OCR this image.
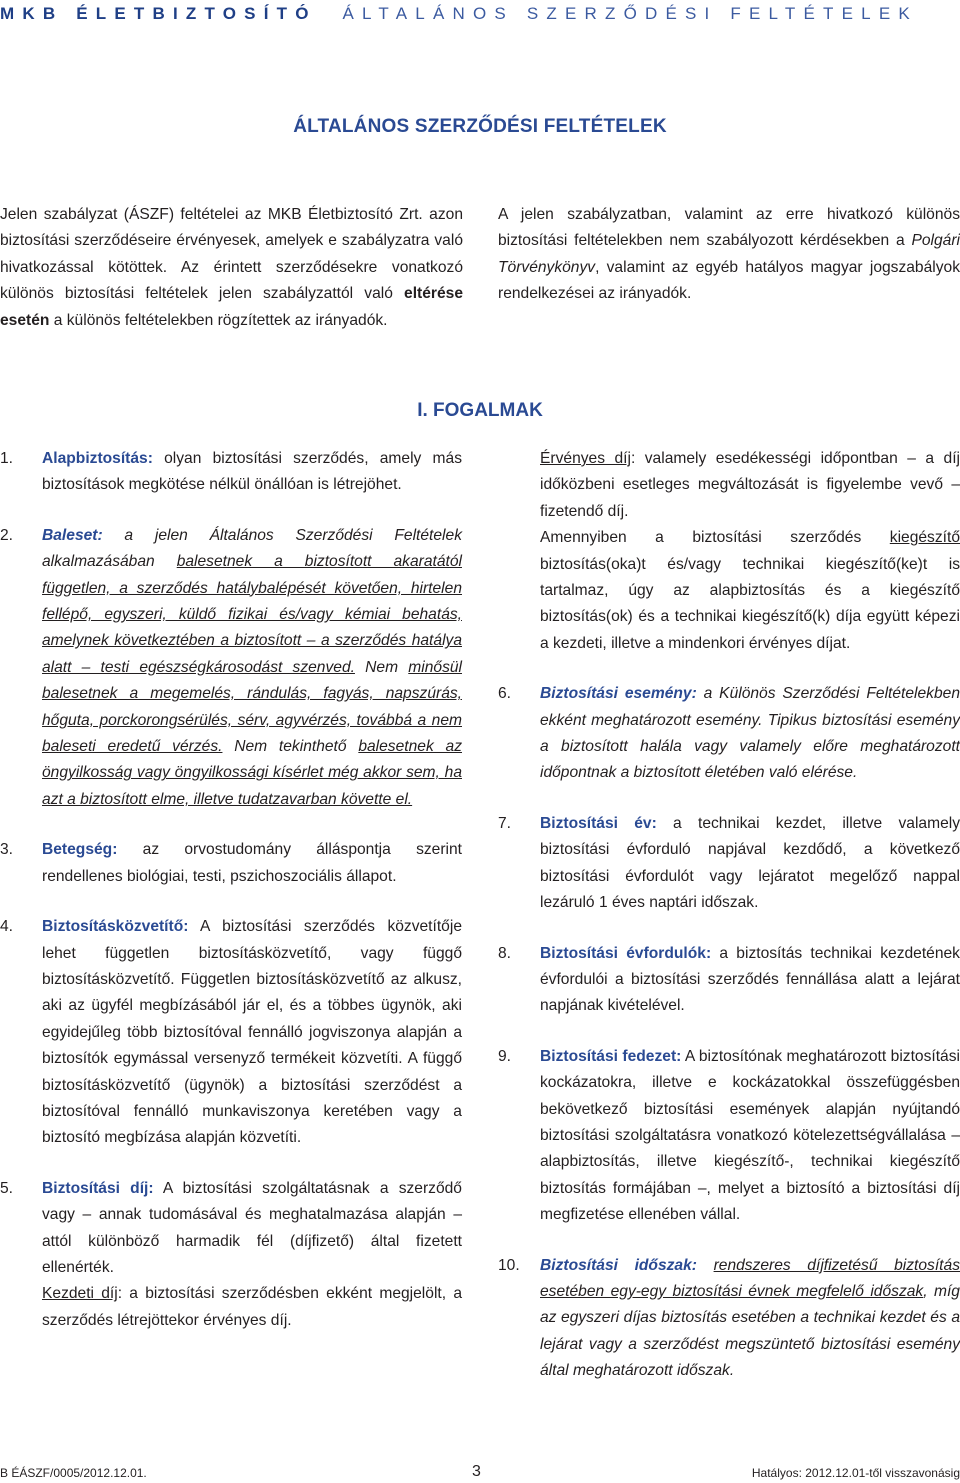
MKB ÉLETBIZTOSÍTÓ ÁLTALÁNOS SZERZŐDÉSI FELTÉTELEK
ÁLTALÁNOS SZERZŐDÉSI FELTÉTELEK
Jelen szabályzat (ÁSZF) feltételei az MKB Életbiztosító Zrt. azon biztosítási szerződéseire érvényesek, amelyek e szabályzatra való hivatkozással kötöttek. Az érintett szerződésekre vonatkozó különös biztosítási feltételek jelen szabályzattól való eltérése esetén a különös feltételekben rögzítettek az irányadók.
A jelen szabályzatban, valamint az erre hivatkozó különös biztosítási feltételekben nem szabályozott kérdésekben a Polgári Törvénykönyv, valamint az egyéb hatályos magyar jogszabályok rendelkezései az irányadók.
I. FOGALMAK
1. Alapbiztosítás: olyan biztosítási szerződés, amely más biztosítások megkötése nélkül önállóan is létrejöhet.
2. Baleset: a jelen Általános Szerződési Feltételek alkalmazásában balesetnek a biztosított akaratától független, a szerződés hatálybalépését követően, hirtelen fellépő, egyszeri, küldő fizikai és/vagy kémiai behatás, amelynek következtében a biztosított – a szerződés hatálya alatt – testi egészségkárosodást szenved. Nem minősül balesetnek a megemelés, rándulás, fagyás, napszúrás, hőguta, porckorongsérülés, sérv, agyvérzés, továbbá a nem baleseti eredetű vérzés. Nem tekinthető balesetnek az öngyilkosság vagy öngyilkossági kísérlet még akkor sem, ha azt a biztosított elme, illetve tudatzavarban követte el.
3. Betegség: az orvostudomány álláspontja szerint rendellenes biológiai, testi, pszichoszociális állapot.
4. Biztosításközvetítő: A biztosítási szerződés közvetítője lehet független biztosításközvetítő, vagy függő biztosításközvetítő. Független biztosításközvetítő az alkusz, aki az ügyfél megbízásából jár el, és a többes ügynök, aki egyidejűleg több biztosítóval fennálló jogviszonya alapján a biztosítók egymással versenyző termékeit közvetíti. A függő biztosításközvetítő (ügynök) a biztosítási szerződést a biztosítóval fennálló munkaviszonya keretében vagy a biztosító megbízása alapján közvetíti.
5. Biztosítási díj: A biztosítási szolgáltatásnak a szerződő vagy – annak tudomásával és meghatalmazása alapján – attól különböző harmadik fél (díjfizető) által fizetett ellenérték.
Kezdeti díj: a biztosítási szerződésben ekként megjelölt, a szerződés létrejöttekor érvényes díj.
Érvényes díj: valamely esedékességi időpontban – a díj időközbeni esetleges megváltozását is figyelembe vevő – fizetendő díj.
Amennyiben a biztosítási szerződés kiegészítő biztosítás(oka)t és/vagy technikai kiegészítő(ke)t is tartalmaz, úgy az alapbiztosítás és a kiegészítő biztosítás(ok) és a technikai kiegészítő(k) díja együtt képezi a kezdeti, illetve a mindenkori érvényes díjat.
6. Biztosítási esemény: a Különös Szerződési Feltételekben ekként meghatározott esemény. Tipikus biztosítási esemény a biztosított halála vagy valamely előre meghatározott időpontnak a biztosított életében való elérése.
7. Biztosítási év: a technikai kezdet, illetve valamely biztosítási évforduló napjával kezdődő, a következő biztosítási évfordulót vagy lejáratot megelőző nappal lezáruló 1 éves naptári időszak.
8. Biztosítási évfordulók: a biztosítás technikai kezdetének évfordulói a biztosítási szerződés fennállása alatt a lejárat napjának kivételével.
9. Biztosítási fedezet: A biztosítónak meghatározott biztosítási kockázatokra, illetve e kockázatokkal összefüggésben bekövetkező biztosítási események alapján nyújtandó biztosítási szolgáltatásra vonatkozó kötelezettségvállalása – alapbiztosítás, illetve kiegészítő-, technikai kiegészítő biztosítás formájában –, melyet a biztosító a biztosítási díj megfizetése ellenében vállal.
10. Biztosítási időszak: rendszeres díjfizetésű biztosítás esetében egy-egy biztosítási évnek megfelelő időszak, míg az egyszeri díjas biztosítás esetében a technikai kezdet és a lejárat vagy a szerződést megszüntető biztosítási esemény által meghatározott időszak.
B ÉÁSZF/0005/2012.12.01.	3	Hatályos: 2012.12.01-től visszavonásig
